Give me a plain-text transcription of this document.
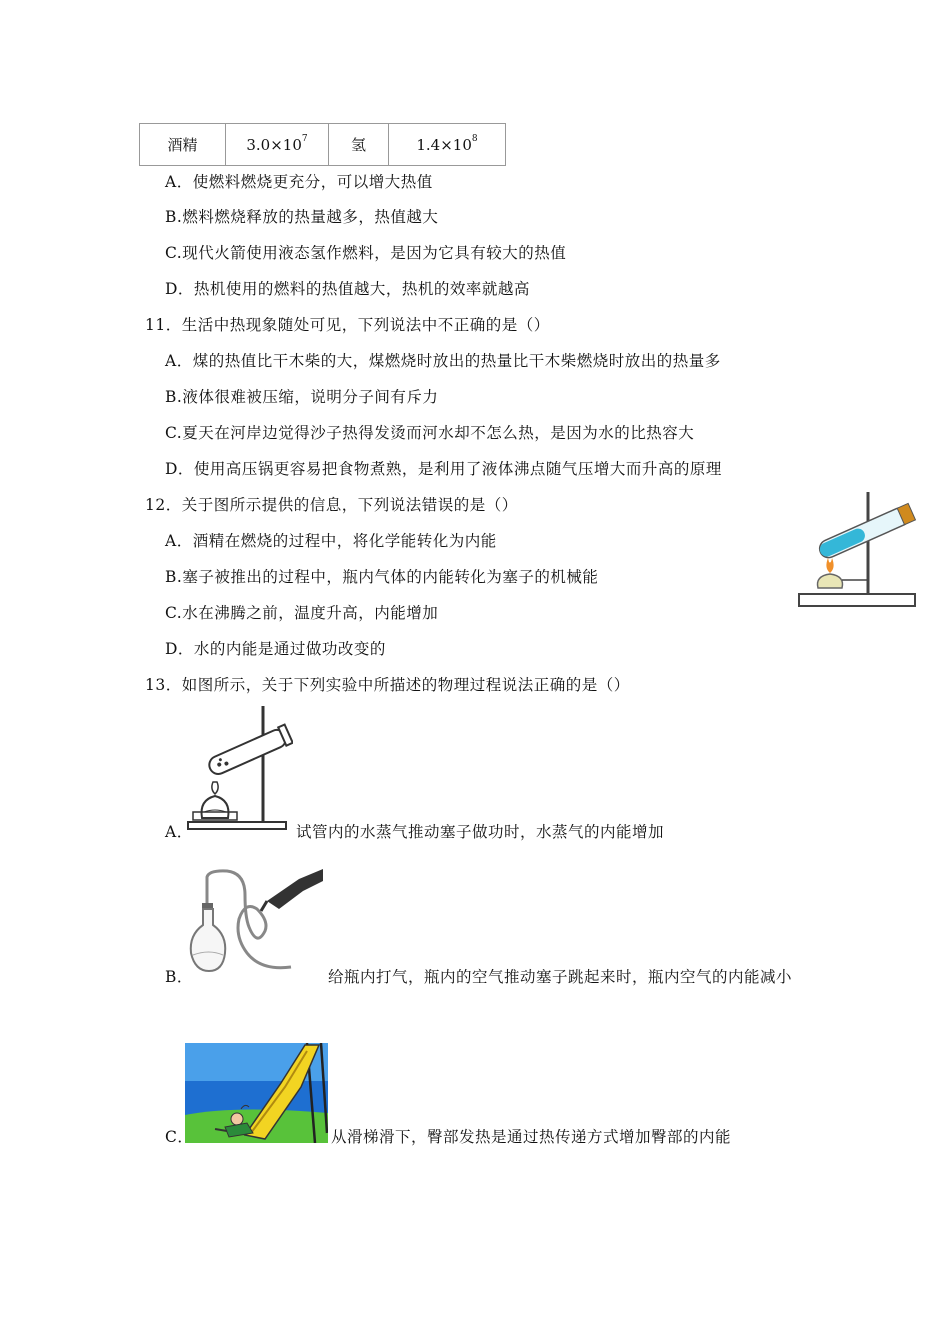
酒精	$3.0\times 10^7$	氢	$1.4\times 10^8$
A．使燃料燃烧更充分，可以增大热值
B.燃料燃烧释放的热量越多，热值越大
C.现代火箭使用液态氢作燃料，是因为它具有较大的热值
D．热机使用的燃料的热值越大，热机的效率就越高
11．生活中热现象随处可见，下列说法中不正确的是（）
A．煤的热值比干木柴的大，煤燃烧时放出的热量比干木柴燃烧时放出的热量多
B.液体很难被压缩，说明分子间有斥力
C.夏天在河岸边觉得沙子热得发烫而河水却不怎么热，是因为水的比热容大
D．使用高压锅更容易把食物煮熟，是利用了液体沸点随气压增大而升高的原理
12．关于图所示提供的信息，下列说法错误的是（）
A．酒精在燃烧的过程中，将化学能转化为内能
B.塞子被推出的过程中，瓶内气体的内能转化为塞子的机械能
C.水在沸腾之前，温度升高，内能增加
D．水的内能是通过做功改变的
13．如图所示，关于下列实验中所描述的物理过程说法正确的是（）
A．	试管内的水蒸气推动塞子做功时，水蒸气的内能增加
B．	给瓶内打气，瓶内的空气推动塞子跳起来时，瓶内空气的内能减小
C．	从滑梯滑下，臀部发热是通过热传递方式增加臀部的内能
